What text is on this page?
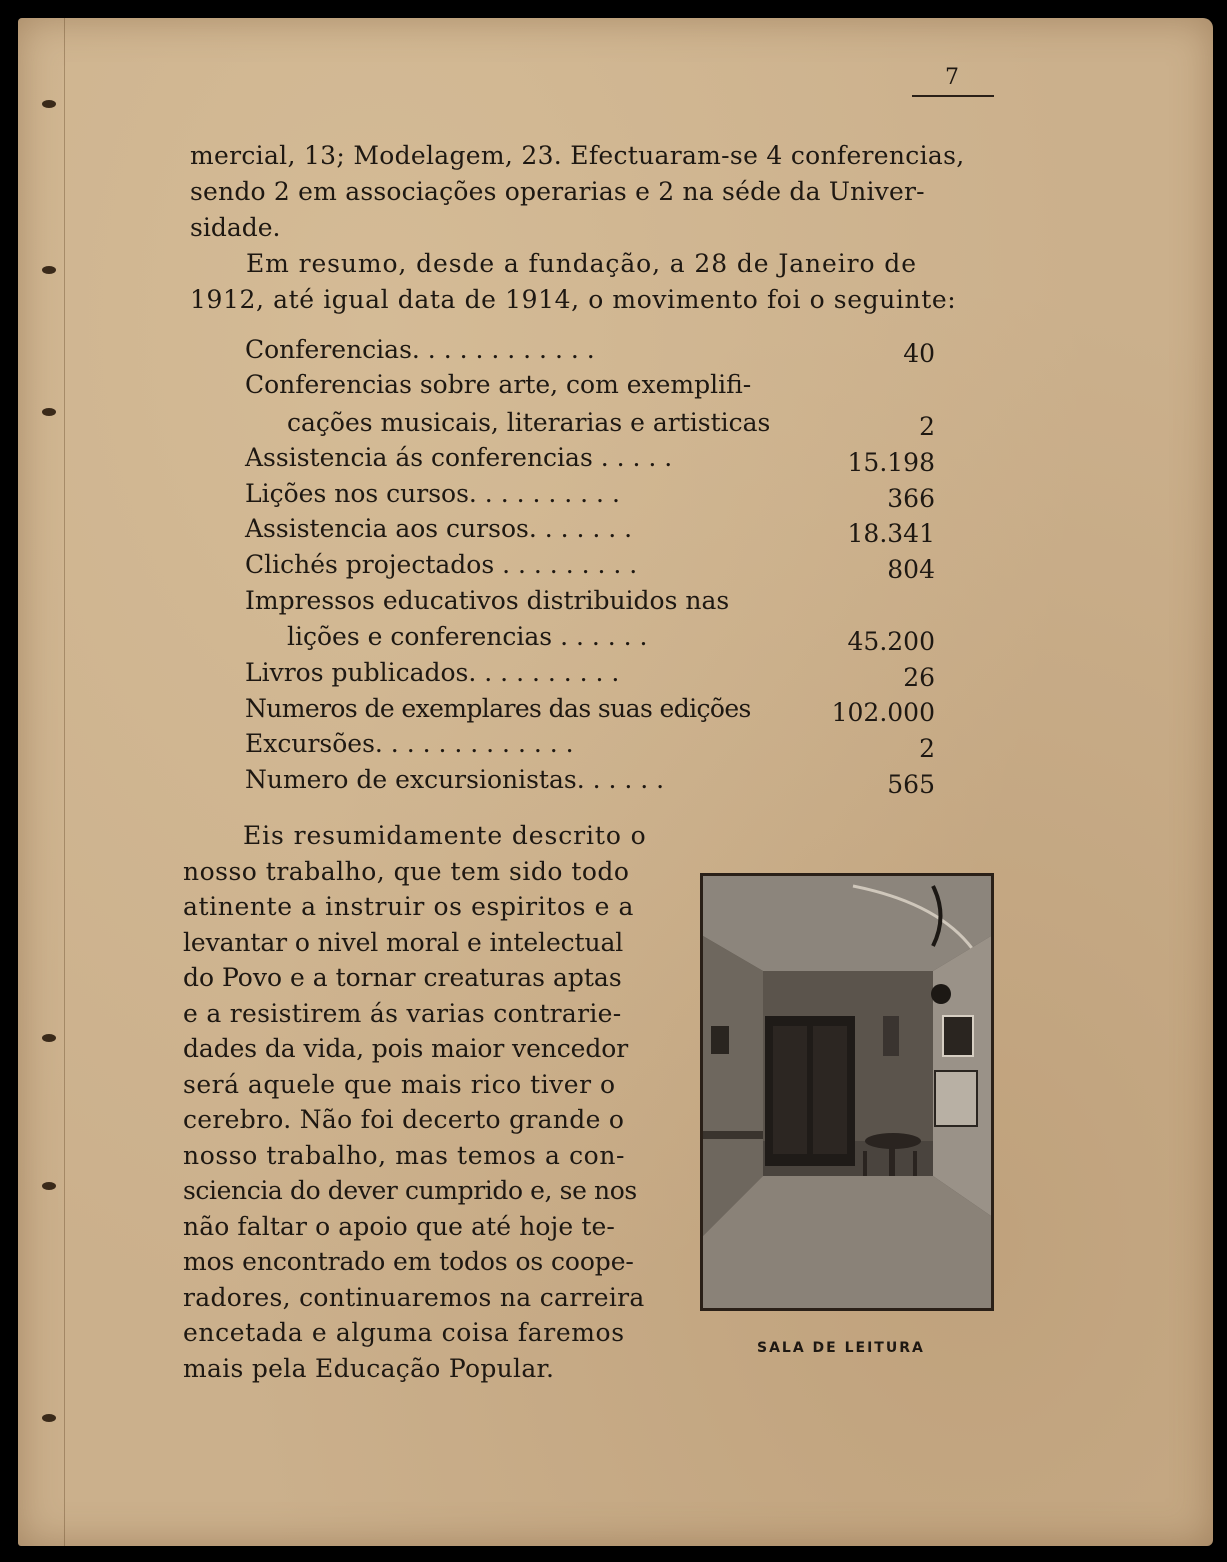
7
mercial, 13; Modelagem, 23. Efectuaram-se 4 conferencias,
sendo 2 em associações operarias e 2 na séde da Univer-
sidade.
Em resumo, desde a fundação, a 28 de Janeiro de
1912, até igual data de 1914, o movimento foi o seguinte:
Conferencias. . . . . . . . . . . .	40
Conferencias sobre arte, com exemplifi-
cações musicais, literarias e artisticas	2
Assistencia ás conferencias . . . . .	15.198
Lições nos cursos. . . . . . . . . .	366
Assistencia aos cursos. . . . . . .	18.341
Clichés projectados . . . . . . . . .	804
Impressos educativos distribuidos nas
lições e conferencias . . . . . .	45.200
Livros publicados. . . . . . . . . .	26
Numeros de exemplares das suas edições	102.000
Excursões. . . . . . . . . . . . .	2
Numero de excursionistas. . . . . .	565
Eis resumidamente descrito o
nosso trabalho, que tem sido todo
atinente a instruir os espiritos e a
levantar o nivel moral e intelectual
do Povo e a tornar creaturas aptas
e a resistirem ás varias contrarie-
dades da vida, pois maior vencedor
será aquele que mais rico tiver o
cerebro. Não foi decerto grande o
nosso trabalho, mas temos a con-
sciencia do dever cumprido e, se nos
não faltar o apoio que até hoje te-
mos encontrado em todos os coope-
radores, continuaremos na carreira
encetada e alguma coisa faremos
mais pela Educação Popular.
SALA DE LEITURA
